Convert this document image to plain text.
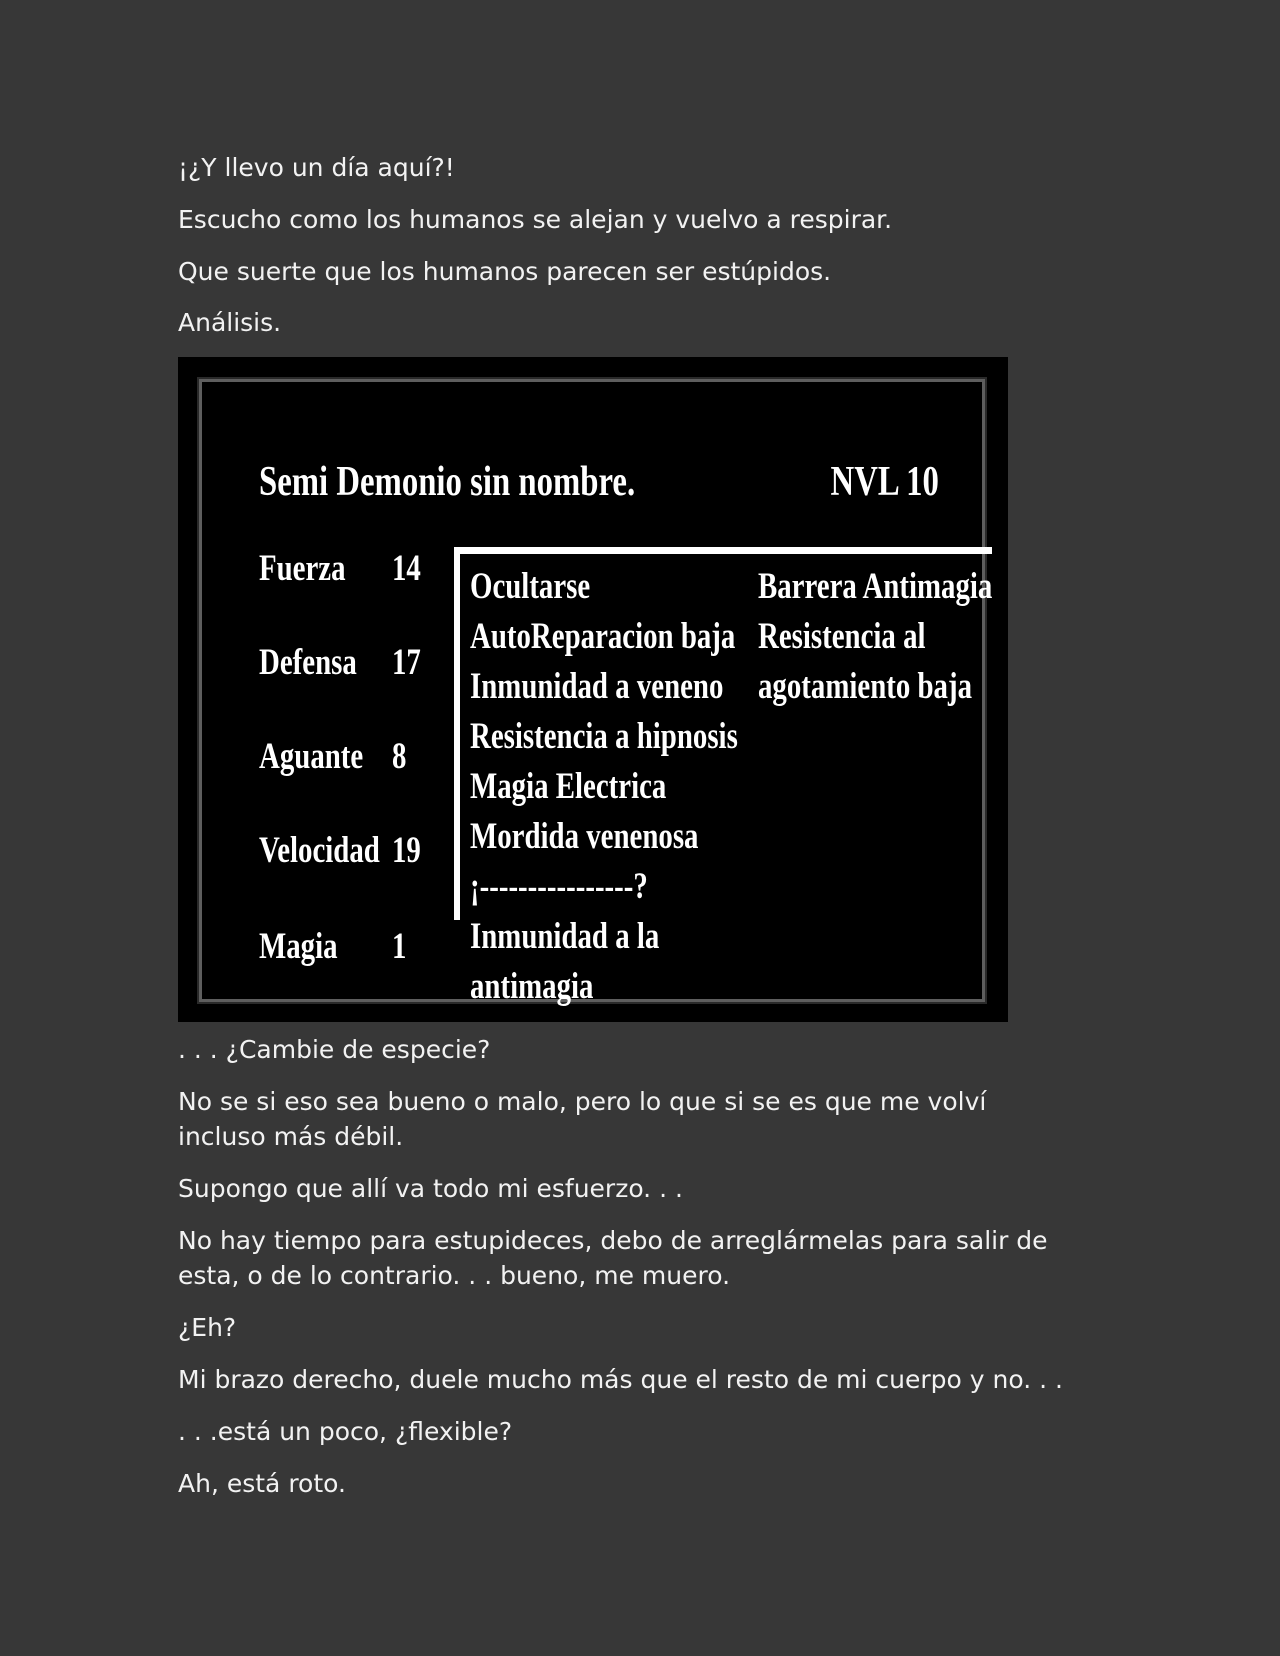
¡¿Y llevo un día aquí?!

Escucho como los humanos se alejan y vuelvo a respirar.

Que suerte que los humanos parecen ser estúpidos.

Análisis.

. . . ¿Cambie de especie?

No se si eso sea bueno o malo, pero lo que si se es que me volví incluso más débil.

Supongo que allí va todo mi esfuerzo. . .

No hay tiempo para estupideces, debo de arreglármelas para salir de esta, o de lo contrario. . . bueno, me muero.

¿Eh?

Mi brazo derecho, duele mucho más que el resto de mi cuerpo y no. . .

. . .está un poco, ¿flexible?

Ah, está roto.

Semi Demonio sin nombre.	NVL 10
Fuerza 14
Defensa 17
Aguante 8
Velocidad 19
Magia 1
Ocultarse
AutoReparacion baja
Inmunidad a veneno
Resistencia a hipnosis
Magia Electrica
Mordida venenosa
¡----------------?
Inmunidad a la
antimagia
Barrera Antimagia
Resistencia al
agotamiento baja
